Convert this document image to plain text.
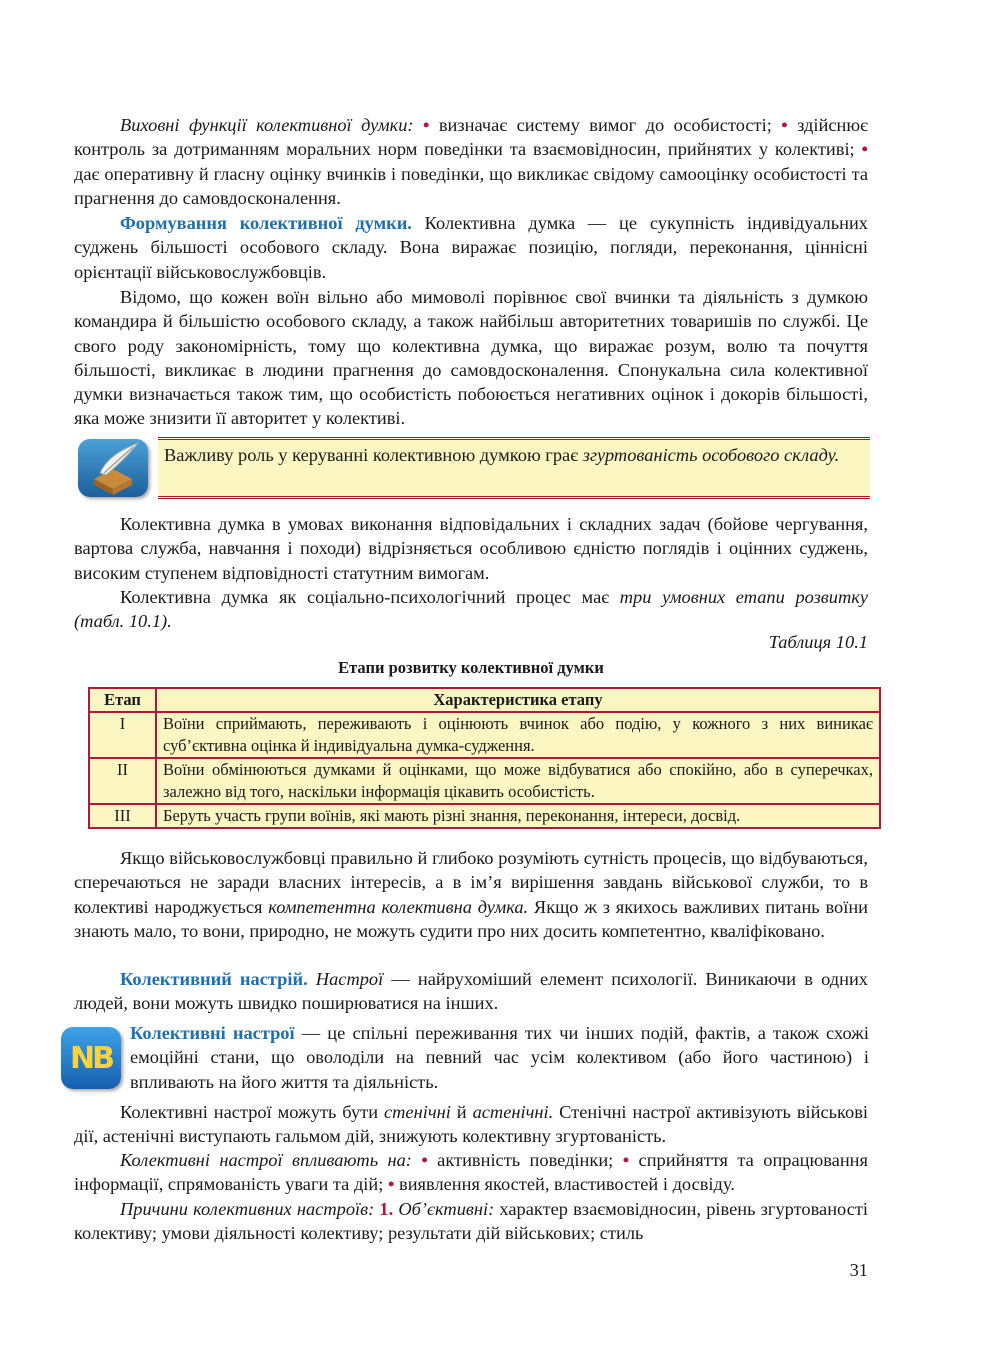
Виховні функції колективної думки: • визначає систему вимог до особистості; • здійснює контроль за дотриманням моральних норм поведінки та взаємовідносин, прийнятих у колективі; • дає оперативну й гласну оцінку вчинків і поведінки, що викликає свідому самооцінку особистості та прагнення до самовдосконалення.

Формування колективної думки. Колективна думка — це сукупність індивідуальних суджень більшості особового складу. Вона виражає позицію, погляди, переконання, ціннісні орієнтації військовослужбовців.

Відомо, що кожен воїн вільно або мимоволі порівнює свої вчинки та діяльність з думкою командира й більшістю особового складу, а також найбільш авторитетних товаришів по службі. Це свого роду закономірність, тому що колективна думка, що виражає розум, волю та почуття більшості, викликає в людини прагнення до самовдосконалення. Спонукальна сила колективної думки визначається також тим, що особистість побоюється негативних оцінок і докорів більшості, яка може знизити її авторитет у колективі.

Важливу роль у керуванні колективною думкою грає згуртованість особового складу.

Колективна думка в умовах виконання відповідальних і складних задач (бойове чергування, вартова служба, навчання і походи) відрізняється особливою єдністю поглядів і оцінних суджень, високим ступенем відповідності статутним вимогам.

Колективна думка як соціально-психологічний процес має три умовних етапи розвитку (табл. 10.1).

Таблиця 10.1
Етапи розвитку колективної думки
Етап	Характеристика етапу
I	Воїни сприймають, переживають і оцінюють вчинок або подію, у кожного з них виникає суб’єктивна оцінка й індивідуальна думка-судження.
II	Воїни обмінюються думками й оцінками, що може відбуватися або спокійно, або в суперечках, залежно від того, наскільки інформація цікавить особистість.
III	Беруть участь групи воїнів, які мають різні знання, переконання, інтереси, досвід.

Якщо військовослужбовці правильно й глибоко розуміють сутність процесів, що відбуваються, сперечаються не заради власних інтересів, а в ім’я вирішення завдань військової служби, то в колективі народжується компетентна колективна думка. Якщо ж з якихось важливих питань воїни знають мало, то вони, природно, не можуть судити про них досить компетентно, кваліфіковано.

Колективний настрій. Настрої — найрухоміший елемент психології. Виникаючи в одних людей, вони можуть швидко поширюватися на інших.

NB

Колективні настрої — це спільні переживання тих чи інших подій, фактів, а також схожі емоційні стани, що оволоділи на певний час усім колективом (або його частиною) і впливають на його життя та діяльність.

Колективні настрої можуть бути стенічні й астенічні. Стенічні настрої активізують військові дії, астенічні виступають гальмом дій, знижують колективну згуртованість.

Колективні настрої впливають на: • активність поведінки; • сприйняття та опрацювання інформації, спрямованість уваги та дій; • виявлення якостей, властивостей і досвіду.

Причини колективних настроїв: 1. Об’єктивні: характер взаємовідносин, рівень згуртованості колективу; умови діяльності колективу; результати дій військових; стиль

31
